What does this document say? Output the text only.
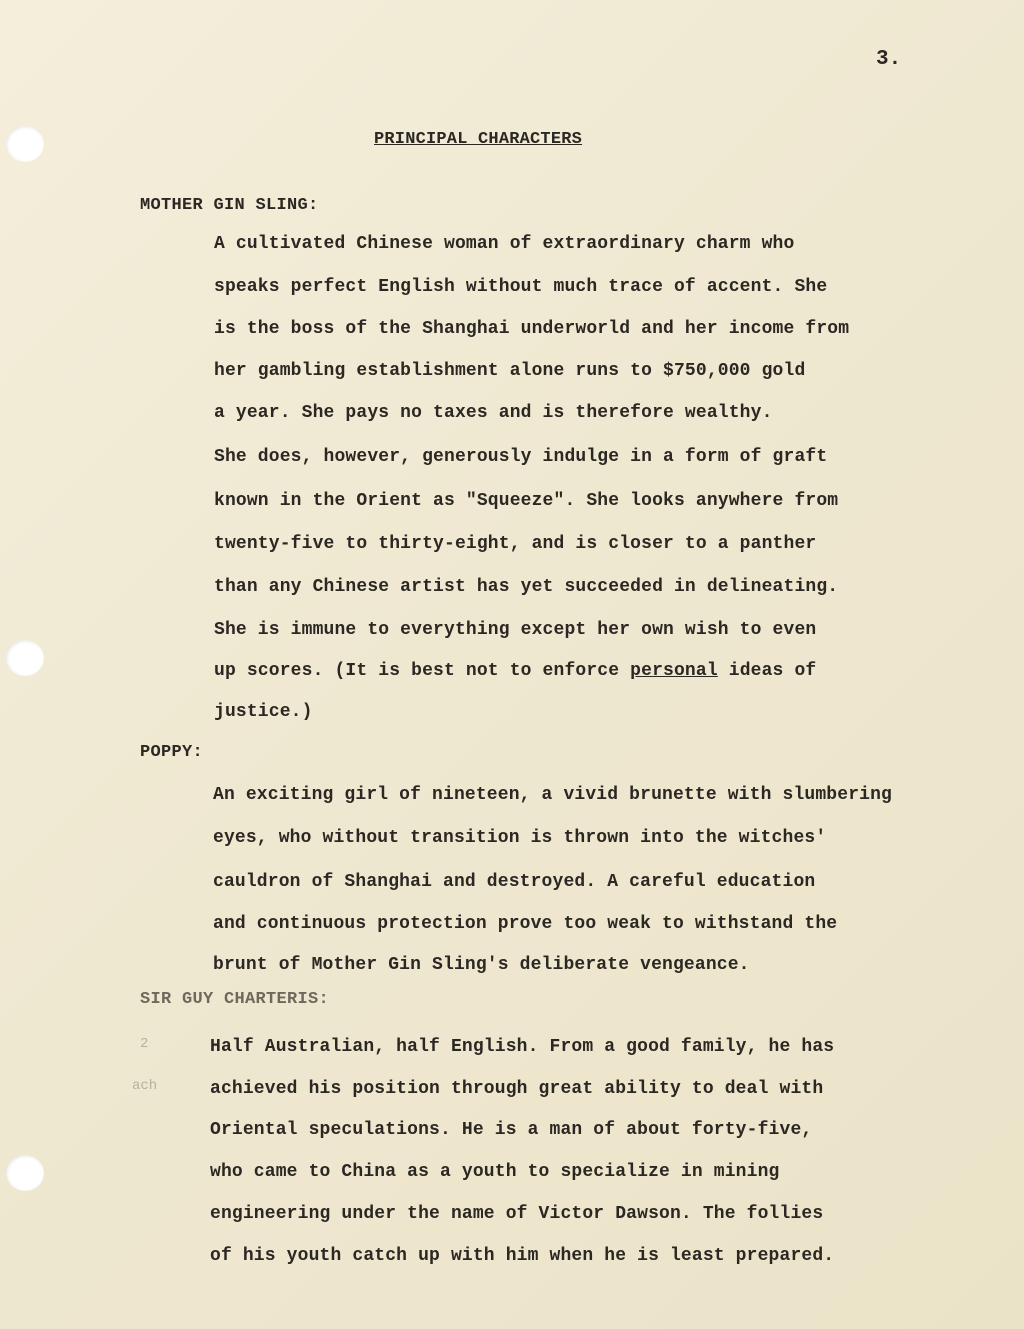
3.
PRINCIPAL CHARACTERS
MOTHER GIN SLING:
A cultivated Chinese woman of extraordinary charm who
speaks perfect English without much trace of accent. She
is the boss of the Shanghai underworld and her income from
her gambling establishment alone runs to $750,000 gold
a year. She pays no taxes and is therefore wealthy.
She does, however, generously indulge in a form of graft
known in the Orient as "Squeeze". She looks anywhere from
twenty-five to thirty-eight, and is closer to a panther
than any Chinese artist has yet succeeded in delineating.
She is immune to everything except her own wish to even
up scores. (It is best not to enforce personal ideas of
justice.)
POPPY:
An exciting girl of nineteen, a vivid brunette with slumbering
eyes, who without transition is thrown into the witches'
cauldron of Shanghai and destroyed. A careful education
and continuous protection prove too weak to withstand the
brunt of Mother Gin Sling's deliberate vengeance.
SIR GUY CHARTERIS:
2
ach
Half Australian, half English. From a good family, he has
achieved his position through great ability to deal with
Oriental speculations. He is a man of about forty-five,
who came to China as a youth to specialize in mining
engineering under the name of Victor Dawson. The follies
of his youth catch up with him when he is least prepared.
